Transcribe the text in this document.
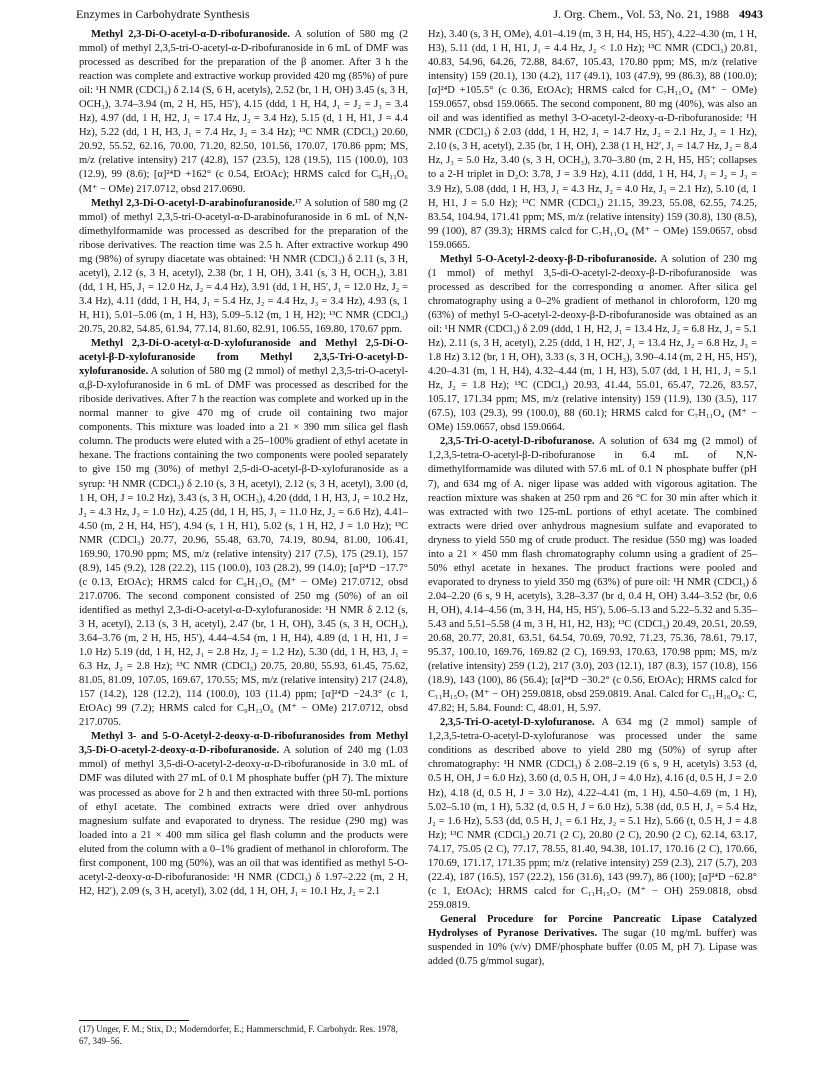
Enzymes in Carbohydrate Synthesis	J. Org. Chem., Vol. 53, No. 21, 1988 4943

Methyl 2,3-Di-O-acetyl-α-D-ribofuranoside. A solution of 580 mg (2 mmol) of methyl 2,3,5-tri-O-acetyl-α-D-ribofuranoside in 6 mL of DMF was processed as described for the preparation of the β anomer. After 3 h the reaction was complete and extractive workup provided 420 mg (85%) of pure oil: ¹H NMR (CDCl₃) δ 2.14 (S, 6 H, acetyls), 2.52 (br, 1 H, OH) 3.45 (s, 3 H, OCH₃), 3.74–3.94 (m, 2 H, H5, H5′), 4.15 (ddd, 1 H, H4, J₁ = J₂ = J₃ = 3.4 Hz), 4.97 (dd, 1 H, H2, J₁ = 17.4 Hz, J₂ = 3.4 Hz), 5.15 (d, 1 H, H1, J = 4.4 Hz), 5.22 (dd, 1 H, H3, J₁ = 7.4 Hz, J₂ = 3.4 Hz); ¹³C NMR (CDCl₃) 20.60, 20.92, 55.52, 62.16, 70.00, 71.20, 82.50, 101.56, 170.07, 170.86 ppm; MS, m/z (relative intensity) 217 (42.8), 157 (23.5), 128 (19.5), 115 (100.0), 103 (12.9), 99 (8.6); [α]²⁴D +162° (c 0.54, EtOAc); HRMS calcd for C₉H₁₃O₆ (M⁺ − OMe) 217.0712, obsd 217.0690.

Methyl 2,3-Di-O-acetyl-D-arabinofuranoside.¹⁷ A solution of 580 mg (2 mmol) of methyl 2,3,5-tri-O-acetyl-α-D-arabinofuranoside in 6 mL of N,N-dimethylformamide was processed as described for the preparation of the ribose derivatives. The reaction time was 2.5 h. After extractive workup 490 mg (98%) of syrupy diacetate was obtained: ¹H NMR (CDCl₃) δ 2.11 (s, 3 H, acetyl), 2.12 (s, 3 H, acetyl), 2.38 (br, 1 H, OH), 3.41 (s, 3 H, OCH₃), 3.81 (dd, 1 H, H5, J₁ = 12.0 Hz, J₂ = 4.4 Hz), 3.91 (dd, 1 H, H5′, J₁ = 12.0 Hz, J₂ = 3.4 Hz), 4.11 (ddd, 1 H, H4, J₁ = 5.4 Hz, J₂ = 4.4 Hz, J₃ = 3.4 Hz), 4.93 (s, 1 H, H1), 5.01–5.06 (m, 1 H, H3), 5.09–5.12 (m, 1 H, H2); ¹³C NMR (CDCl₃) 20.75, 20.82, 54.85, 61.94, 77.14, 81.60, 82.91, 106.55, 169.80, 170.67 ppm.

Methyl 2,3-Di-O-acetyl-α-D-xylofuranoside and Methyl 2,5-Di-O-acetyl-β-D-xylofuranoside from Methyl 2,3,5-Tri-O-acetyl-D-xylofuranoside. A solution of 580 mg (2 mmol) of methyl 2,3,5-tri-O-acetyl-α,β-D-xylofuranoside in 6 mL of DMF was processed as described for the riboside derivatives. After 7 h the reaction was complete and worked up in the normal manner to give 470 mg of crude oil containing two major components. This mixture was loaded into a 21 × 390 mm silica gel flash column. The products were eluted with a 25–100% gradient of ethyl acetate in hexane. The fractions containing the two components were pooled separately to give 150 mg (30%) of methyl 2,5-di-O-acetyl-β-D-xylofuranoside as a syrup: ¹H NMR (CDCl₃) δ 2.10 (s, 3 H, acetyl), 2.12 (s, 3 H, acetyl), 3.00 (d, 1 H, OH, J = 10.2 Hz), 3.43 (s, 3 H, OCH₃), 4.20 (ddd, 1 H, H3, J₁ = 10.2 Hz, J₂ = 4.3 Hz, J₃ = 1.0 Hz), 4.25 (dd, 1 H, H5, J₁ = 11.0 Hz, J₂ = 6.6 Hz), 4.41–4.50 (m, 2 H, H4, H5′), 4.94 (s, 1 H, H1), 5.02 (s, 1 H, H2, J = 1.0 Hz); ¹³C NMR (CDCl₃) 20.77, 20.96, 55.48, 63.70, 74.19, 80.94, 81.00, 106.41, 169.90, 170.90 ppm; MS, m/z (relative intensity) 217 (7.5), 175 (29.1), 157 (8.9), 145 (9.2), 128 (22.2), 115 (100.0), 103 (28.2), 99 (14.0); [α]²⁴D −17.7° (c 0.13, EtOAc); HRMS calcd for C₉H₁₃O₆ (M⁺ − OMe) 217.0712, obsd 217.0706. The second component consisted of 250 mg (50%) of an oil identified as methyl 2,3-di-O-acetyl-α-D-xylofuranoside: ¹H NMR δ 2.12 (s, 3 H, acetyl), 2.13 (s, 3 H, acetyl), 2.47 (br, 1 H, OH), 3.45 (s, 3 H, OCH₃), 3.64–3.76 (m, 2 H, H5, H5′), 4.44–4.54 (m, 1 H, H4), 4.89 (d, 1 H, H1, J = 1.0 Hz) 5.19 (dd, 1 H, H2, J₁ = 2.8 Hz, J₂ = 1.2 Hz), 5.30 (dd, 1 H, H3, J₁ = 6.3 Hz, J₂ = 2.8 Hz); ¹³C NMR (CDCl₃) 20.75, 20.80, 55.93, 61.45, 75.62, 81.05, 81.09, 107.05, 169.67, 170.55; MS, m/z (relative intensity) 217 (24.8), 157 (14.2), 128 (12.2), 114 (100.0), 103 (11.4) ppm; [α]²⁴D −24.3° (c 1, EtOAc) 99 (7.2); HRMS calcd for C₉H₁₃O₆ (M⁺ − OMe) 217.0712, obsd 217.0705.

Methyl 3- and 5-O-Acetyl-2-deoxy-α-D-ribofuranosides from Methyl 3,5-Di-O-acetyl-2-deoxy-α-D-ribofuranoside. A solution of 240 mg (1.03 mmol) of methyl 3,5-di-O-acetyl-2-deoxy-α-D-ribofuranoside in 3.0 mL of DMF was diluted with 27 mL of 0.1 M phosphate buffer (pH 7). The mixture was processed as above for 2 h and then extracted with three 50-mL portions of ethyl acetate. The combined extracts were dried over anhydrous magnesium sulfate and evaporated to dryness. The residue (290 mg) was loaded into a 21 × 400 mm silica gel flash column and the products were eluted from the column with a 0–1% gradient of methanol in chloroform. The first component, 100 mg (50%), was an oil that was identified as methyl 5-O-acetyl-2-deoxy-α-D-ribofuranoside: ¹H NMR (CDCl₃) δ 1.97–2.22 (m, 2 H, H2, H2′), 2.09 (s, 3 H, acetyl), 3.02 (dd, 1 H, OH, J₁ = 10.1 Hz, J₂ = 2.1

Hz), 3.40 (s, 3 H, OMe), 4.01–4.19 (m, 3 H, H4, H5, H5′), 4.22–4.30 (m, 1 H, H3), 5.11 (dd, 1 H, H1, J₁ = 4.4 Hz, J₂ < 1.0 Hz); ¹³C NMR (CDCl₃) 20.81, 40.83, 54.96, 64.26, 72.88, 84.67, 105.43, 170.80 ppm; MS, m/z (relative intensity) 159 (20.1), 130 (4.2), 117 (49.1), 103 (47.9), 99 (86.3), 88 (100.0); [α]²⁴D +105.5° (c 0.36, EtOAc); HRMS calcd for C₇H₁₁O₄ (M⁺ − OMe) 159.0657, obsd 159.0665. The second component, 80 mg (40%), was also an oil and was identified as methyl 3-O-acetyl-2-deoxy-α-D-ribofuranoside: ¹H NMR (CDCl₃) δ 2.03 (ddd, 1 H, H2, J₁ = 14.7 Hz, J₂ = 2.1 Hz, J₃ = 1 Hz), 2.10 (s, 3 H, acetyl), 2.35 (br, 1 H, OH), 2.38 (1 H, H2′, J₁ = 14.7 Hz, J₂ = 8.4 Hz, J₃ = 5.0 Hz, 3.40 (s, 3 H, OCH₃), 3.70–3.80 (m, 2 H, H5, H5′; collapses to a 2-H triplet in D₂O: 3.78, J = 3.9 Hz), 4.11 (ddd, 1 H, H4, J₁ = J₂ = J₃ = 3.9 Hz), 5.08 (ddd, 1 H, H3, J₁ = 4.3 Hz, J₂ = 4.0 Hz, J₃ = 2.1 Hz), 5.10 (d, 1 H, H1, J = 5.0 Hz); ¹³C NMR (CDCl₃) 21.15, 39.23, 55.08, 62.55, 74.25, 83.54, 104.94, 171.41 ppm; MS, m/z (relative intensity) 159 (30.8), 130 (8.5), 99 (100), 87 (39.3); HRMS calcd for C₇H₁₁O₄ (M⁺ − OMe) 159.0657, obsd 159.0665.

Methyl 5-O-Acetyl-2-deoxy-β-D-ribofuranoside. A solution of 230 mg (1 mmol) of methyl 3,5-di-O-acetyl-2-deoxy-β-D-ribofuranoside was processed as described for the corresponding α anomer. After silica gel chromatography using a 0–2% gradient of methanol in chloroform, 120 mg (63%) of methyl 5-O-acetyl-2-deoxy-β-D-ribofuranoside was obtained as an oil: ¹H NMR (CDCl₃) δ 2.09 (ddd, 1 H, H2, J₁ = 13.4 Hz, J₂ = 6.8 Hz, J₃ = 5.1 Hz), 2.11 (s, 3 H, acetyl), 2.25 (ddd, 1 H, H2′, J₁ = 13.4 Hz, J₂ = 6.8 Hz, J₃ = 1.8 Hz) 3.12 (br, 1 H, OH), 3.33 (s, 3 H, OCH₃), 3.90–4.14 (m, 2 H, H5, H5′), 4.20–4.31 (m, 1 H, H4), 4.32–4.44 (m, 1 H, H3), 5.07 (dd, 1 H, H1, J₁ = 5.1 Hz, J₂ = 1.8 Hz); ¹³C (CDCl₃) 20.93, 41.44, 55.01, 65.47, 72.26, 83.57, 105.17, 171.34 ppm; MS, m/z (relative intensity) 159 (11.9), 130 (3.5), 117 (67.5), 103 (29.3), 99 (100.0), 88 (60.1); HRMS calcd for C₇H₁₁O₄ (M⁺ − OMe) 159.0657, obsd 159.0664.

2,3,5-Tri-O-acetyl-D-ribofuranose. A solution of 634 mg (2 mmol) of 1,2,3,5-tetra-O-acetyl-β-D-ribofuranose in 6.4 mL of N,N-dimethylformamide was diluted with 57.6 mL of 0.1 N phosphate buffer (pH 7), and 634 mg of A. niger lipase was added with vigorous agitation. The reaction mixture was shaken at 250 rpm and 26 °C for 30 min after which it was extracted with two 125-mL portions of ethyl acetate. The combined extracts were dried over anhydrous magnesium sulfate and evaporated to dryness to yield 550 mg of crude product. The residue (550 mg) was loaded into a 21 × 450 mm flash chromatography column using a gradient of 25–50% ethyl acetate in hexanes. The product fractions were pooled and evaporated to dryness to yield 350 mg (63%) of pure oil: ¹H NMR (CDCl₃) δ 2.04–2.20 (6 s, 9 H, acetyls), 3.28–3.37 (br d, 0.4 H, OH) 3.44–3.52 (br, 0.6 H, OH), 4.14–4.56 (m, 3 H, H4, H5, H5′), 5.06–5.13 and 5.22–5.32 and 5.35–5.43 and 5.51–5.58 (4 m, 3 H, H1, H2, H3); ¹³C (CDCl₃) 20.49, 20.51, 20.59, 20.68, 20.77, 20.81, 63.51, 64.54, 70.69, 70.92, 71.23, 75.36, 78.61, 79.17, 95.37, 100.10, 169.76, 169.82 (2 C), 169.93, 170.63, 170.98 ppm; MS, m/z (relative intensity) 259 (1.2), 217 (3.0), 203 (12.1), 187 (8.3), 157 (10.8), 156 (18.9), 143 (100), 86 (56.4); [α]²⁴D −30.2° (c 0.56, EtOAc); HRMS calcd for C₁₁H₁₅O₇ (M⁺ − OH) 259.0818, obsd 259.0819. Anal. Calcd for C₁₁H₁₆O₈: C, 47.82; H, 5.84. Found: C, 48.01, H, 5.97.

2,3,5-Tri-O-acetyl-D-xylofuranose. A 634 mg (2 mmol) sample of 1,2,3,5-tetra-O-acetyl-D-xylofuranose was processed under the same conditions as described above to yield 280 mg (50%) of syrup after chromatography: ¹H NMR (CDCl₃) δ 2.08–2.19 (6 s, 9 H, acetyls) 3.53 (d, 0.5 H, OH, J = 6.0 Hz), 3.60 (d, 0.5 H, OH, J = 4.0 Hz), 4.16 (d, 0.5 H, J = 2.0 Hz), 4.18 (d, 0.5 H, J = 3.0 Hz), 4.22–4.41 (m, 1 H), 4.50–4.69 (m, 1 H), 5.02–5.10 (m, 1 H), 5.32 (d, 0.5 H, J = 6.0 Hz), 5.38 (dd, 0.5 H, J₁ = 5.4 Hz, J₂ = 1.6 Hz), 5.53 (dd, 0.5 H, J₁ = 6.1 Hz, J₂ = 5.1 Hz), 5.66 (t, 0.5 H, J = 4.8 Hz); ¹³C NMR (CDCl₃) 20.71 (2 C), 20.80 (2 C), 20.90 (2 C), 62.14, 63.17, 74.17, 75.05 (2 C), 77.17, 78.55, 81.40, 94.38, 101.17, 170.16 (2 C), 170.66, 170.69, 171.17, 171.35 ppm; m/z (relative intensity) 259 (2.3), 217 (5.7), 203 (22.4), 187 (16.5), 157 (22.2), 156 (31.6), 143 (99.7), 86 (100); [α]²⁴D −62.8° (c 1, EtOAc); HRMS calcd for C₁₁H₁₅O₇ (M⁺ − OH) 259.0818, obsd 259.0819.

General Procedure for Porcine Pancreatic Lipase Catalyzed Hydrolyses of Pyranose Derivatives. The sugar (10 mg/mL buffer) was suspended in 10% (v/v) DMF/phosphate buffer (0.05 M, pH 7). Lipase was added (0.75 g/mmol sugar),

(17) Unger, F. M.; Stix, D.; Moderndorfer, E.; Hammerschmid, F. Carbohydr. Res. 1978, 67, 349–56.
